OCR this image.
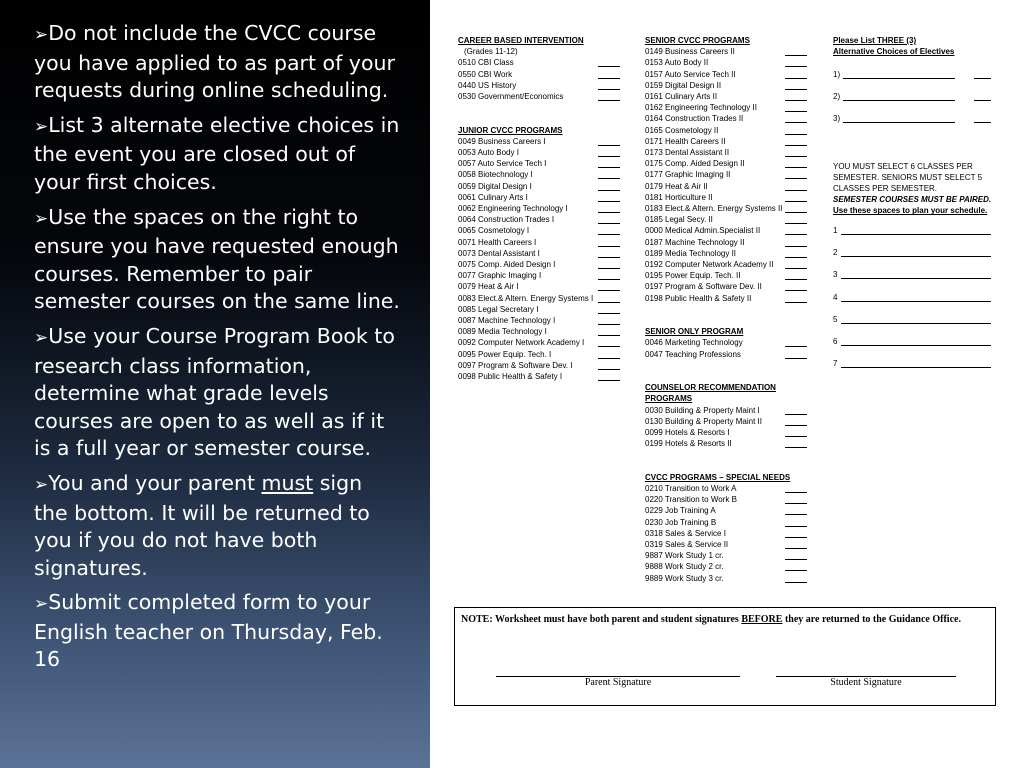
➢Do not include the CVCC course you have applied to as part of your requests during online scheduling.
➢List 3 alternate elective choices in the event you are closed out of your first choices.
➢Use the spaces on the right to ensure you have requested enough courses. Remember to pair semester courses on the same line.
➢Use your Course Program Book to research class information, determine what grade levels courses are open to as well as if it is a full year or semester course.
➢You and your parent must sign the bottom. It will be returned to you if you do not have both signatures.
➢Submit completed form to your English teacher on Thursday, Feb. 16
CAREER BASED INTERVENTION
(Grades 11-12)
0510 CBI Class
0550 CBI Work
0440 US History
0530 Government/Economics
JUNIOR CVCC PROGRAMS
0049 Business Careers I
0053 Auto Body I
0057 Auto Service Tech I
0058 Biotechnology I
0059 Digital Design I
0061 Culinary Arts I
0062 Engineering Technology I
0064 Construction Trades I
0065 Cosmetology I
0071 Health Careers I
0073 Dental Assistant I
0075 Comp. Aided Design I
0077 Graphic Imaging I
0079 Heat & Air I
0083 Elect.& Altern. Energy Systems I
0085 Legal Secretary I
0087 Machine Technology I
0089 Media Technology I
0092 Computer Network Academy I
0095 Power Equip. Tech. I
0097 Program & Software Dev. I
0098 Public Health & Safety I
SENIOR CVCC PROGRAMS
0149 Business Careers II
0153 Auto Body II
0157 Auto Service Tech II
0159 Digital Design II
0161 Culinary Arts II
0162 Engineering Technology II
0164 Construction Trades II
0165 Cosmetology II
0171 Health Careers II
0173 Dental Assistant II
0175 Comp. Aided Design II
0177 Graphic Imaging II
0179 Heat & Air II
0181 Horticulture II
0183 Elect.& Altern. Energy Systems II
0185 Legal Secy. II
0000 Medical Admin.Specialist II
0187 Machine Technology II
0189 Media Technology II
0192 Computer Network Academy II
0195 Power Equip. Tech. II
0197 Program & Software Dev. II
0198 Public Health & Safety II
SENIOR ONLY PROGRAM
0046 Marketing Technology
0047 Teaching Professions
COUNSELOR RECOMMENDATION
PROGRAMS
0030 Building & Property Maint I
0130 Building & Property Maint II
0099 Hotels & Resorts I
0199 Hotels & Resorts II
CVCC PROGRAMS – SPECIAL NEEDS
0210 Transition to Work A
0220 Transition to Work B
0229 Job Training A
0230 Job Training B
0318 Sales & Service I
0319 Sales & Service II
9887 Work Study 1 cr.
9888 Work Study 2 cr.
9889 Work Study 3 cr.
Please List THREE (3)
Alternative Choices of Electives
1)
2)
3)
YOU MUST SELECT 6 CLASSES PER
SEMESTER. SENIORS MUST SELECT 5
CLASSES PER SEMESTER.
SEMESTER COURSES MUST BE PAIRED.
Use these spaces to plan your schedule.
1
2
3
4
5
6
7
NOTE: Worksheet must have both parent and student signatures BEFORE they are returned to the Guidance Office.
Parent Signature	Student Signature
